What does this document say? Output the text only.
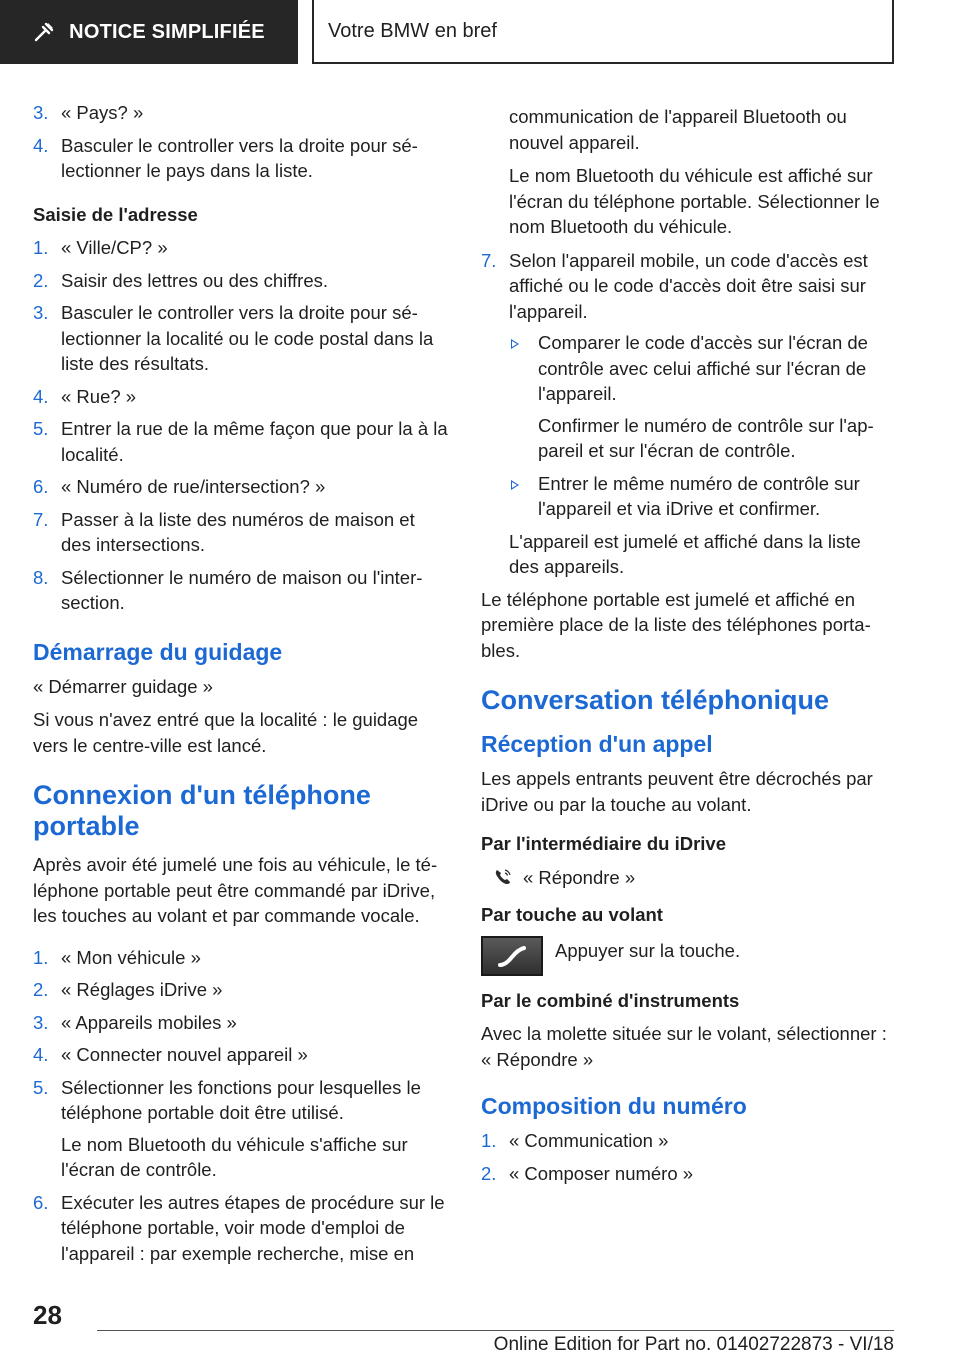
NOTICE SIMPLIFIÉE	Votre BMW en bref
3. « Pays? »
4. Basculer le controller vers la droite pour sélectionner le pays dans la liste.
Saisie de l'adresse
1. « Ville/CP? »
2. Saisir des lettres ou des chiffres.
3. Basculer le controller vers la droite pour sélectionner la localité ou le code postal dans la liste des résultats.
4. « Rue? »
5. Entrer la rue de la même façon que pour la à la localité.
6. « Numéro de rue/intersection? »
7. Passer à la liste des numéros de maison et des intersections.
8. Sélectionner le numéro de maison ou l'intersection.
Démarrage du guidage

« Démarrer guidage »

Si vous n'avez entré que la localité : le guidage vers le centre-ville est lancé.

Connexion d'un téléphone portable

Après avoir été jumelé une fois au véhicule, le téléphone portable peut être commandé par iDrive, les touches au volant et par commande vocale.

1. « Mon véhicule »
2. « Réglages iDrive »
3. « Appareils mobiles »
4. « Connecter nouvel appareil »
5. Sélectionner les fonctions pour lesquelles le téléphone portable doit être utilisé.

Le nom Bluetooth du véhicule s'affiche sur l'écran de contrôle.

6. Exécuter les autres étapes de procédure sur le téléphone portable, voir mode d'emploi de l'appareil : par exemple recherche, mise en

communication de l'appareil Bluetooth ou nouvel appareil.

Le nom Bluetooth du véhicule est affiché sur l'écran du téléphone portable. Sélectionner le nom Bluetooth du véhicule.

7. Selon l'appareil mobile, un code d'accès est affiché ou le code d'accès doit être saisi sur l'appareil.
Comparer le code d'accès sur l'écran de contrôle avec celui affiché sur l'écran de l'appareil.

Confirmer le numéro de contrôle sur l'appareil et sur l'écran de contrôle.

Entrer le même numéro de contrôle sur l'appareil et via iDrive et confirmer.

L'appareil est jumelé et affiché dans la liste des appareils.

Le téléphone portable est jumelé et affiché en première place de la liste des téléphones portables.

Conversation téléphonique
Réception d'un appel

Les appels entrants peuvent être décrochés par iDrive ou par la touche au volant.

Par l'intermédiaire du iDrive
« Répondre »
Par touche au volant
Appuyer sur la touche.
Par le combiné d'instruments

Avec la molette située sur le volant, sélectionner : « Répondre »

Composition du numéro
1. « Communication »
2. « Composer numéro »
28
Online Edition for Part no. 01402722873 - VI/18
